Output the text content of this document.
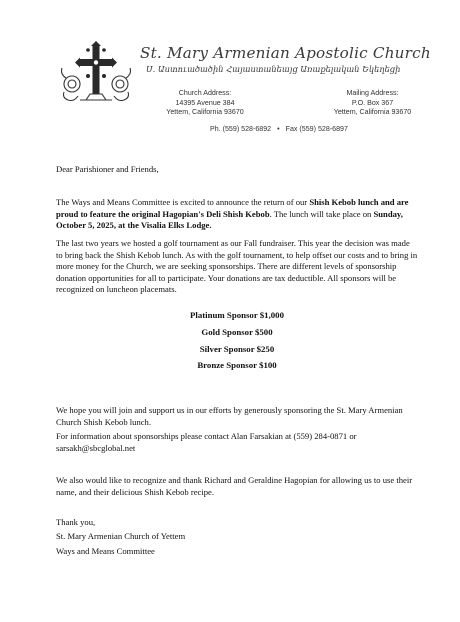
St. Mary Armenian Apostolic Church
Ս. Աստուածածին Հայաստանեայց Առաքելական Եկեղեցի
Church Address:
14395 Avenue 384
Yettem, California 93670
Mailing Address:
P.O. Box 367
Yettem, California 93670
Ph. (559) 528-6892 • Fax (559) 528-6897
Dear Parishioner and Friends,
The Ways and Means Committee is excited to announce the return of our Shish Kebob lunch and are proud to feature the original Hagopian's Deli Shish Kebob. The lunch will take place on Sunday, October 5, 2025, at the Visalia Elks Lodge.
The last two years we hosted a golf tournament as our Fall fundraiser. This year the decision was made to bring back the Shish Kebob lunch. As with the golf tournament, to help offset our costs and to bring in more money for the Church, we are seeking sponsorships. There are different levels of sponsorship donation opportunities for all to participate. Your donations are tax deductible. All sponsors will be recognized on luncheon placemats.
Platinum Sponsor $1,000
Gold Sponsor $500
Silver Sponsor $250
Bronze Sponsor $100
We hope you will join and support us in our efforts by generously sponsoring the St. Mary Armenian Church Shish Kebob lunch.
For information about sponsorships please contact Alan Farsakian at (559) 284-0871 or sarsakh@sbcglobal.net
We also would like to recognize and thank Richard and Geraldine Hagopian for allowing us to use their name, and their delicious Shish Kebob recipe.
Thank you,
St. Mary Armenian Church of Yettem
Ways and Means Committee
